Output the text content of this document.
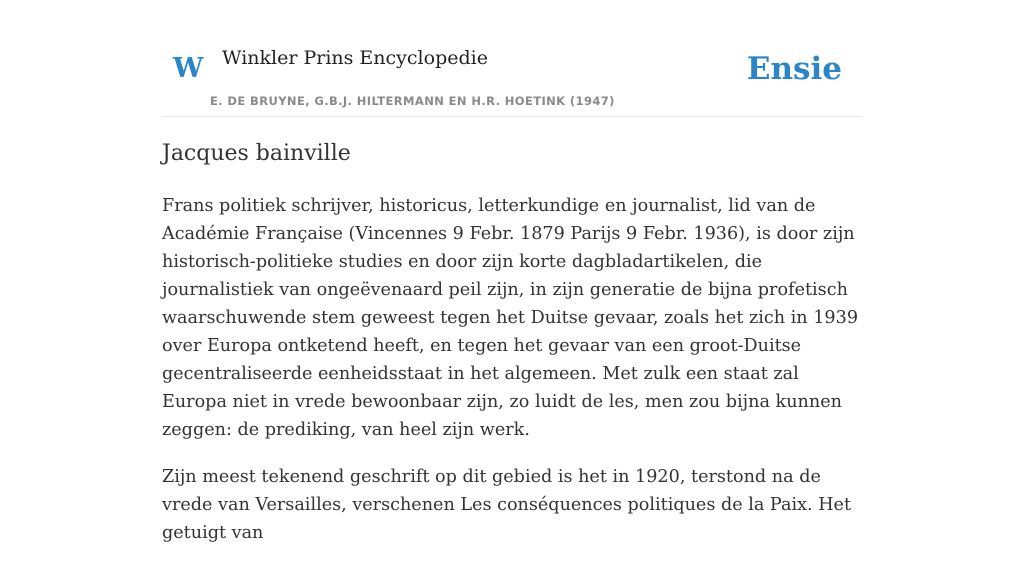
W Winkler Prins Encyclopedie
E. DE BRUYNE, G.B.J. HILTERMANN EN H.R. HOETINK (1947)
Ensie
Jacques bainville

Frans politiek schrijver, historicus, letterkundige en journalist, lid van de Académie Française (Vincennes 9 Febr. 1879 Parijs 9 Febr. 1936), is door zijn historisch-politieke studies en door zijn korte dagbladartikelen, die journalistiek van ongeëvenaard peil zijn, in zijn generatie de bijna profetisch waarschuwende stem geweest tegen het Duitse gevaar, zoals het zich in 1939 over Europa ontketend heeft, en tegen het gevaar van een groot-Duitse gecentraliseerde eenheidsstaat in het algemeen. Met zulk een staat zal Europa niet in vrede bewoonbaar zijn, zo luidt de les, men zou bijna kunnen zeggen: de prediking, van heel zijn werk.

Zijn meest tekenend geschrift op dit gebied is het in 1920, terstond na de vrede van Versailles, verschenen Les conséquences politiques de la Paix. Het getuigt van
